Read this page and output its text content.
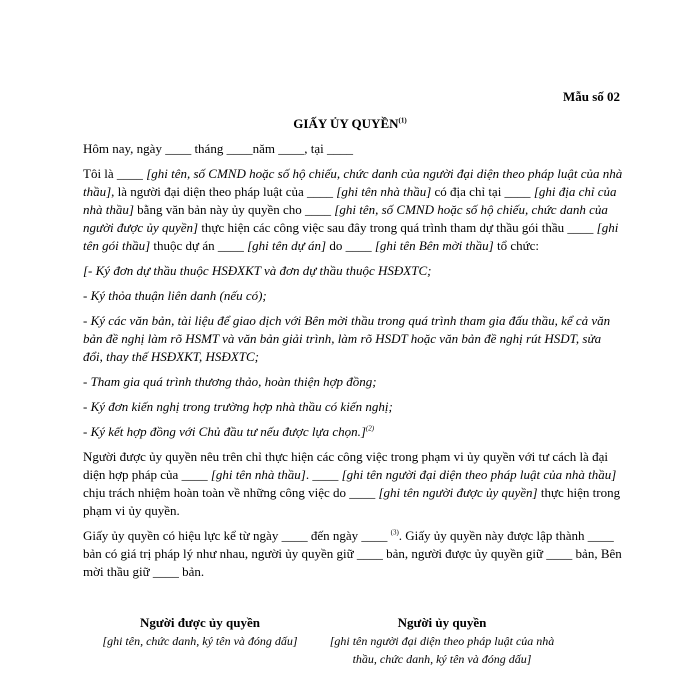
Mẫu số 02
GIẤY ỦY QUYỀN$^{(1)}$

Hôm nay, ngày ____ tháng ____năm ____, tại ____

Tôi là ____ [ghi tên, số CMND hoặc số hộ chiếu, chức danh của người đại diện theo pháp luật của nhà thầu], là người đại diện theo pháp luật của ____ [ghi tên nhà thầu] có địa chỉ tại ____ [ghi địa chỉ của nhà thầu] bằng văn bản này ủy quyền cho ____ [ghi tên, số CMND hoặc số hộ chiếu, chức danh của người được ủy quyền] thực hiện các công việc sau đây trong quá trình tham dự thầu gói thầu ____ [ghi tên gói thầu] thuộc dự án ____ [ghi tên dự án] do ____ [ghi tên Bên mời thầu] tổ chức:

[- Ký đơn dự thầu thuộc HSĐXKT và đơn dự thầu thuộc HSĐXTC;

- Ký thỏa thuận liên danh (nếu có);

- Ký các văn bản, tài liệu để giao dịch với Bên mời thầu trong quá trình tham gia đấu thầu, kể cả văn bản đề nghị làm rõ HSMT và văn bản giải trình, làm rõ HSDT hoặc văn bản đề nghị rút HSDT, sửa đổi, thay thế HSĐXKT, HSĐXTC;

- Tham gia quá trình thương thảo, hoàn thiện hợp đồng;

- Ký đơn kiến nghị trong trường hợp nhà thầu có kiến nghị;

- Ký kết hợp đồng với Chủ đầu tư nếu được lựa chọn.]$^{(2)}$

Người được ủy quyền nêu trên chỉ thực hiện các công việc trong phạm vi ủy quyền với tư cách là đại diện hợp pháp của ____ [ghi tên nhà thầu]. ____ [ghi tên người đại diện theo pháp luật của nhà thầu] chịu trách nhiệm hoàn toàn về những công việc do ____ [ghi tên người được ủy quyền] thực hiện trong phạm vi ủy quyền.

Giấy ủy quyền có hiệu lực kể từ ngày ____ đến ngày ____ $^{(3)}$. Giấy ủy quyền này được lập thành ____ bản có giá trị pháp lý như nhau, người ủy quyền giữ ____ bản, người được ủy quyền giữ ____ bản, Bên mời thầu giữ ____ bản.

Người được ủy quyền
[ghi tên, chức danh, ký tên và đóng dấu]
Người ủy quyền
[ghi tên người đại diện theo pháp luật của nhà thầu, chức danh, ký tên và đóng dấu]
